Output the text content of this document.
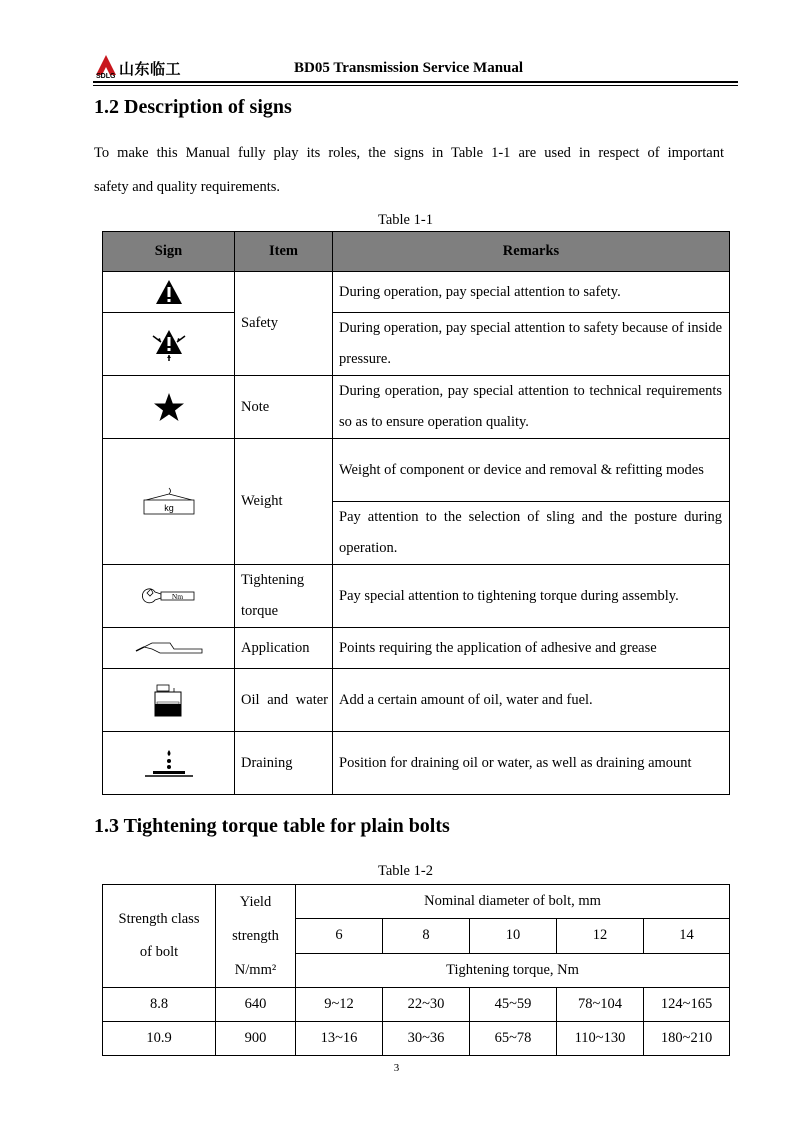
SDLG 山东临工	BD05 Transmission Service Manual
1.2 Description of signs
To make this Manual fully play its roles, the signs in Table 1-1 are used in respect of important
safety and quality requirements.
Table 1-1
Sign	Item	Remarks

	Safety	During operation, pay special attention to safety.

	During operation, pay special attention to safety because of inside pressure.

	Note	During operation, pay special attention to technical requirements so as to ensure operation quality.

kg	Weight	Weight of component or device and removal & refitting modes
		Pay attention to the selection of sling and the posture during operation.

Nm	Tightening torque	Pay special attention to tightening torque during assembly.

	Application	Points requiring the application of adhesive and grease

	Oil and water	Add a certain amount of oil, water and fuel.

	Draining	Position for draining oil or water, as well as draining amount
1.3 Tightening torque table for plain bolts
Table 1-2
Strength class of bolt	Yield strength N/mm²	Nominal diameter of bolt, mm				
		6	8	10	12	14
		Tightening torque, Nm				
8.8	640	9~12	22~30	45~59	78~104	124~165
10.9	900	13~16	30~36	65~78	110~130	180~210
3
